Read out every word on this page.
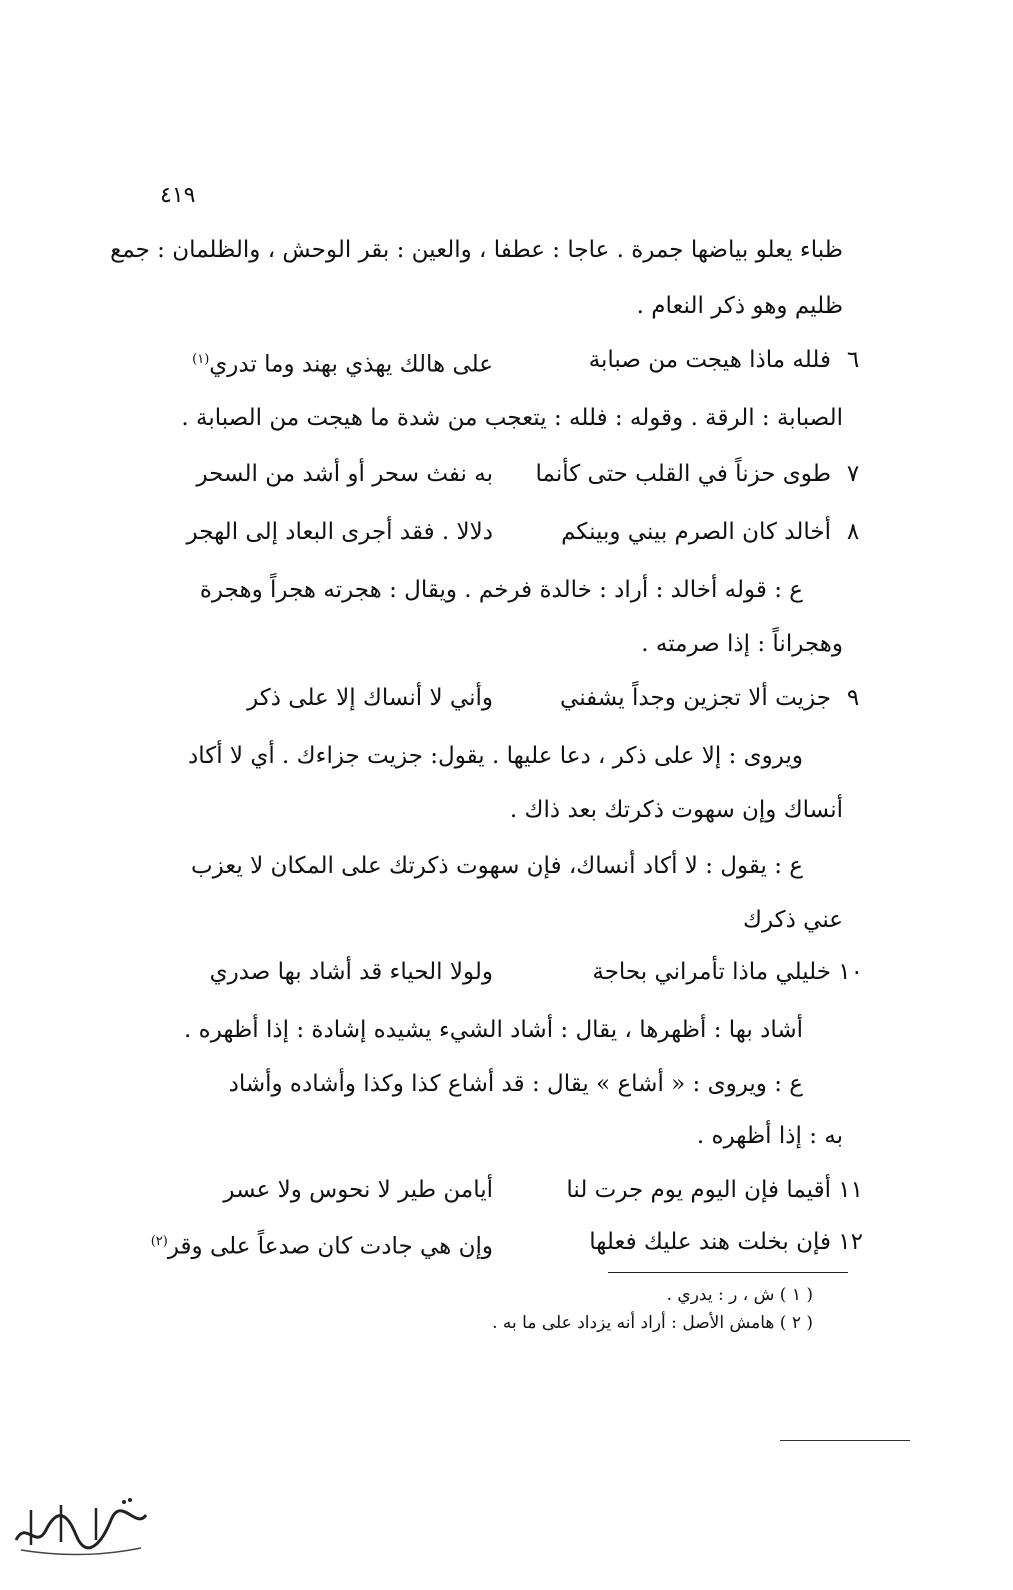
٤١٩
ظباء يعلو بياضها جمرة . عاجا : عطفا ، والعين : بقر الوحش ، والظلمان : جمع
ظليم وهو ذكر النعام .
٦
فلله ماذا هيجت من صبابة
على هالك يهذي بهند وما تدري$^{(١)}$
الصبابة : الرقة . وقوله : فلله : يتعجب من شدة ما هيجت من الصبابة .
٧
طوى حزناً في القلب حتى كأنما
به نفث سحر أو أشد من السحر
٨
أخالد كان الصرم بيني وبينكم
دلالا . فقد أجرى البعاد إلى الهجر
ع : قوله أخالد : أراد : خالدة فرخم . ويقال : هجرته هجراً وهجرة
وهجراناً : إذا صرمته .
٩
جزيت ألا تجزين وجداً يشفني
وأني لا أنساك إلا على ذكر
ويروى : إلا على ذكر ، دعا عليها . يقول: جزيت جزاءك . أي لا أكاد
أنساك وإن سهوت ذكرتك بعد ذاك .
ع : يقول : لا أكاد أنساك، فإن سهوت ذكرتك على المكان لا يعزب
عني ذكرك
١٠
خليلي ماذا تأمراني بحاجة
ولولا الحياء قد أشاد بها صدري
أشاد بها : أظهرها ، يقال : أشاد الشيء يشيده إشادة : إذا أظهره .
ع : ويروى : « أشاع » يقال : قد أشاع كذا وكذا وأشاده وأشاد
به : إذا أظهره .
١١
أقيما فإن اليوم يوم جرت لنا
أيامن طير لا نحوس ولا عسر
١٢
فإن بخلت هند عليك فعلها
وإن هي جادت كان صدعاً على وقر$^{(٢)}$
( ١ ) ش ، ر : يدري .
( ٢ ) هامش الأصل : أراد أنه يزداد على ما به .
